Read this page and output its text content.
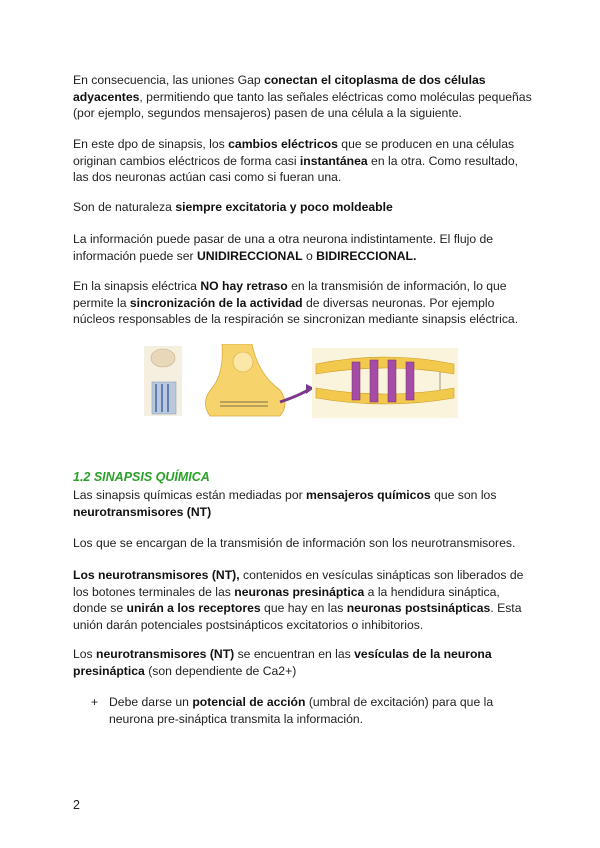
En consecuencia, las uniones Gap conectan el citoplasma de dos células adyacentes, permitiendo que tanto las señales eléctricas como moléculas pequeñas (por ejemplo, segundos mensajeros) pasen de una célula a la siguiente.

En este dpo de sinapsis, los cambios eléctricos que se producen en una células originan cambios eléctricos de forma casi instantánea en la otra. Como resultado, las dos neuronas actúan casi como si fueran una.

Son de naturaleza siempre excitatoria y poco moldeable

La información puede pasar de una a otra neurona indistintamente. El flujo de información puede ser UNIDIRECCIONAL o BIDIRECCIONAL.

En la sinapsis eléctrica NO hay retraso en la transmisión de información, lo que permite la sincronización de la actividad de diversas neuronas. Por ejemplo núcleos responsables de la respiración se sincronizan mediante sinapsis eléctrica.

1.2 SINAPSIS QUÍMICA

Las sinapsis químicas están mediadas por mensajeros químicos que son los neurotransmisores (NT)

Los que se encargan de la transmisión de información son los neurotransmisores.

Los neurotransmisores (NT), contenidos en vesículas sinápticas son liberados de los botones terminales de las neuronas presináptica a la hendidura sináptica, donde se unirán a los receptores que hay en las neuronas postsinápticas. Esta unión darán potenciales postsinápticos excitatorios o inhibitorios.

Los neurotransmisores (NT) se encuentran en las vesículas de la neurona presináptica (son dependiente de Ca2+)

+ Debe darse un potencial de acción (umbral de excitación) para que la neurona pre-sináptica transmita la información.

2
